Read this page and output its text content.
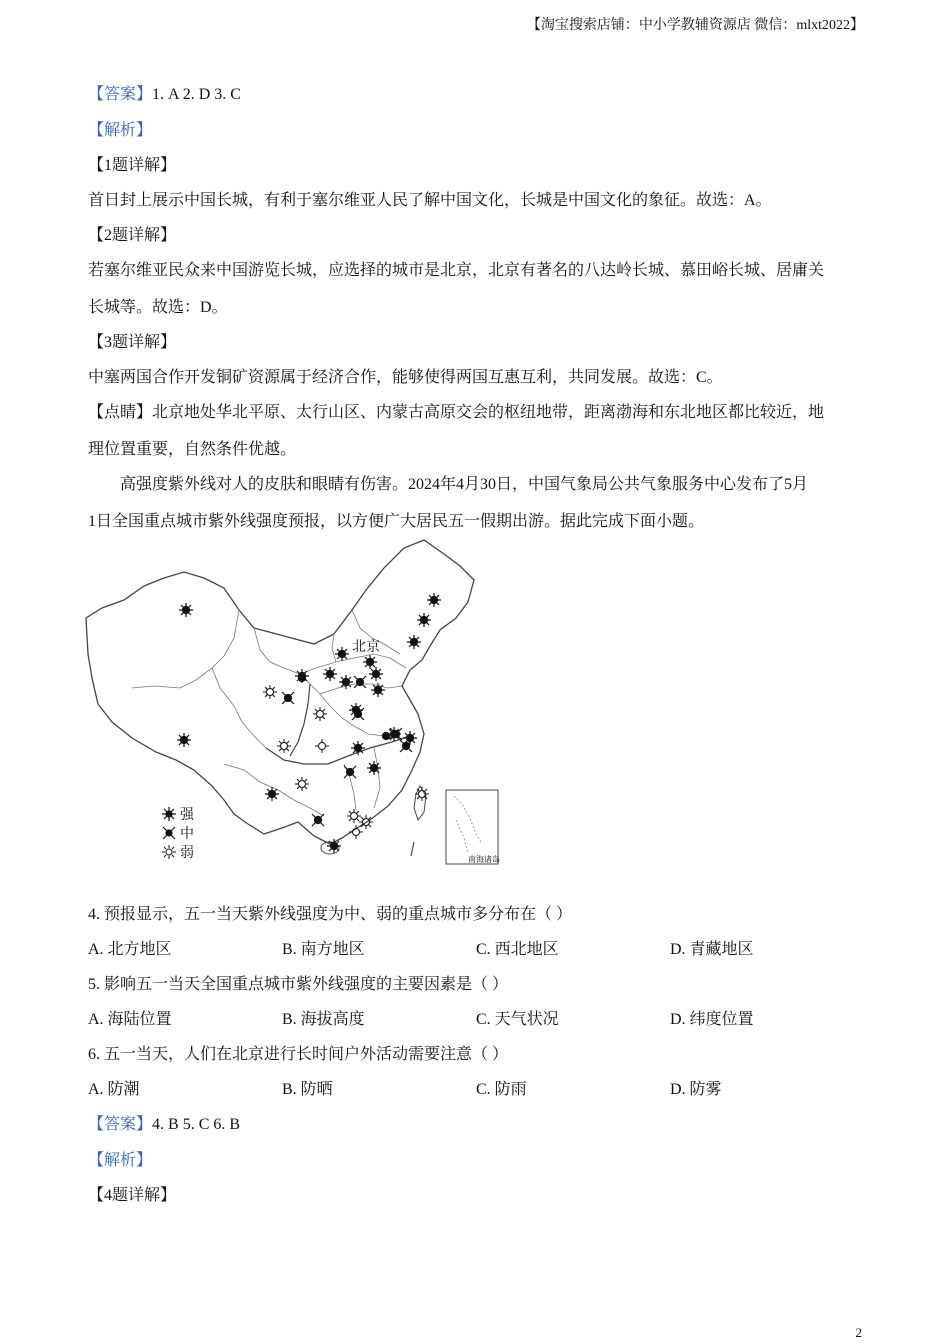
【淘宝搜索店铺：中小学教辅资源店 微信：mlxt2022】
【答案】1. A 2. D 3. C
【解析】
【1题详解】
首日封上展示中国长城，有利于塞尔维亚人民了解中国文化，长城是中国文化的象征。故选：A。
【2题详解】
若塞尔维亚民众来中国游览长城，应选择的城市是北京，北京有著名的八达岭长城、慕田峪长城、居庸关
长城等。故选：D。
【3题详解】
中塞两国合作开发铜矿资源属于经济合作，能够使得两国互惠互利，共同发展。故选：C。
【点睛】北京地处华北平原、太行山区、内蒙古高原交会的枢纽地带，距离渤海和东北地区都比较近，地
理位置重要，自然条件优越。
高强度紫外线对人的皮肤和眼睛有伤害。2024年4月30日，中国气象局公共气象服务中心发布了5月
1日全国重点城市紫外线强度预报，以方便广大居民五一假期出游。据此完成下面小题。
北京
南海诸岛
强
中
弱
4. 预报显示，五一当天紫外线强度为中、弱的重点城市多分布在（ ）
A. 北方地区	B. 南方地区	C. 西北地区	D. 青藏地区
5. 影响五一当天全国重点城市紫外线强度的主要因素是（ ）
A. 海陆位置	B. 海拔高度	C. 天气状况	D. 纬度位置
6. 五一当天，人们在北京进行长时间户外活动需要注意（ ）
A. 防潮	B. 防晒	C. 防雨	D. 防雾
【答案】4. B 5. C 6. B
【解析】
【4题详解】
2
